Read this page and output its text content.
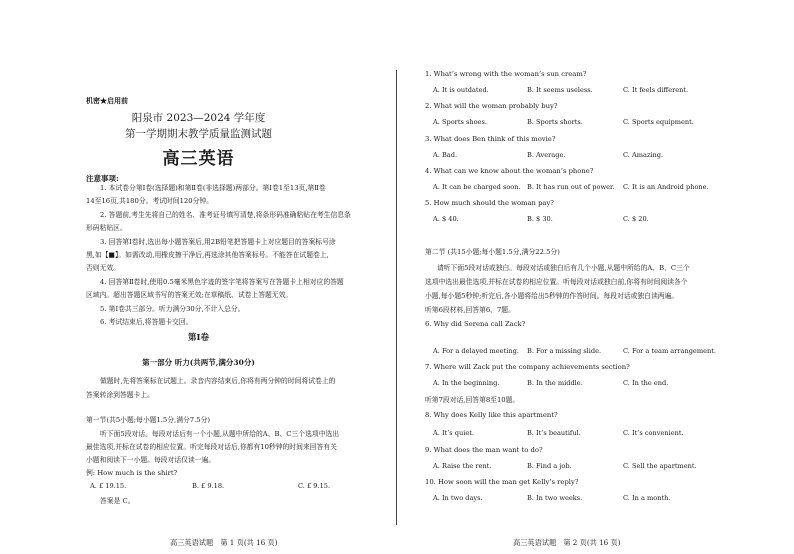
机密★启用前
阳泉市 2023—2024 学年度
第一学期期末教学质量监测试题
高三英语
注意事项:
1. 本试卷分第Ⅰ卷(选择题)和第Ⅱ卷(非选择题)两部分。第Ⅰ卷1至13页,第Ⅱ卷
14至16页,共180分。考试时间120分钟。
2. 答题前,考生先将自己的姓名、准考证号填写清楚,将条形码准确粘贴在考生信息条
形码粘贴区。
3. 回答第Ⅰ卷时,选出每小题答案后,用2B铅笔把答题卡上对应题目的答案标号涂
黑,如【■】。如需改动,用橡皮擦干净后,再选涂其他答案标号。不能答在试题卷上,
否则无效。
4. 回答第Ⅱ卷时,使用0.5毫米黑色字迹的签字笔将答案写在答题卡上相对应的答题
区域内。超出答题区域书写的答案无效;在草稿纸、试卷上答题无效。
5. 第Ⅰ卷共三部分。听力满分30分,不计入总分。
6. 考试结束后,将答题卡交回。
第Ⅰ卷
第一部分 听力(共两节,满分30分)
做题时,先将答案标在试题上。录音内容结束后,你将有两分钟的时间将试卷上的
答案转涂到答题卡上。
第一节(共5小题;每小题1.5分,满分7.5分)
听下面5段对话。每段对话后有一个小题,从题中所给的A、B、C三个选项中选出
最佳选项,并标在试卷的相应位置。听完每段对话后,你都有10秒钟的时间来回答有关
小题和阅读下一小题。每段对话仅读一遍。
例: How much is the shirt?
A. £ 19.15.	B. £ 9.18.	C. £ 9.15.
答案是 C。
高三英语试题　第 1 页(共 16 页)
1. What’s wrong with the woman’s sun cream?
A. It is outdated.	B. It seems useless.	C. It feels different.
2. What will the woman probably buy?
A. Sports shoes.	B. Sports shorts.	C. Sports equipment.
3. What does Ben think of this movie?
A. Bad.	B. Average.	C. Amazing.
4. What can we know about the woman’s phone?
A. It can be charged soon. B. It has run out of power. C. It is an Android phone.
5. How much should the woman pay?
A. $ 40.	B. $ 30.	C. $ 20.
第二节 (共15小题;每小题1.5分,满分22.5分)
请听下面5段对话或独白。每段对话或独白后有几个小题,从题中所给的A、B、C三个
选项中选出最佳选项,并标在试卷的相应位置。听每段对话或独白前,你将有时间阅读各个
小题,每小题5秒钟;听完后,各小题将给出5秒钟的作答时间。每段对话或独白读两遍。
听第6段材料,回答第6、7题。
6. Why did Serena call Zack?
A. For a delayed meeting. B. For a missing slide.	C. For a team arrangement.
7. Where will Zack put the company achievements section?
A. In the beginning.	B. In the middle.	C. In the end.
听第7段对话,回答第8至10题。
8. Why does Kelly like this apartment?
A. It’s quiet.	B. It’s beautiful.	C. It’s convenient.
9. What does the man want to do?
A. Raise the rent.	B. Find a job.	C. Sell the apartment.
10. How soon will the man get Kelly’s reply?
A. In two days.	B. In two weeks.	C. In a month.
高三英语试题　第 2 页(共 16 页)
